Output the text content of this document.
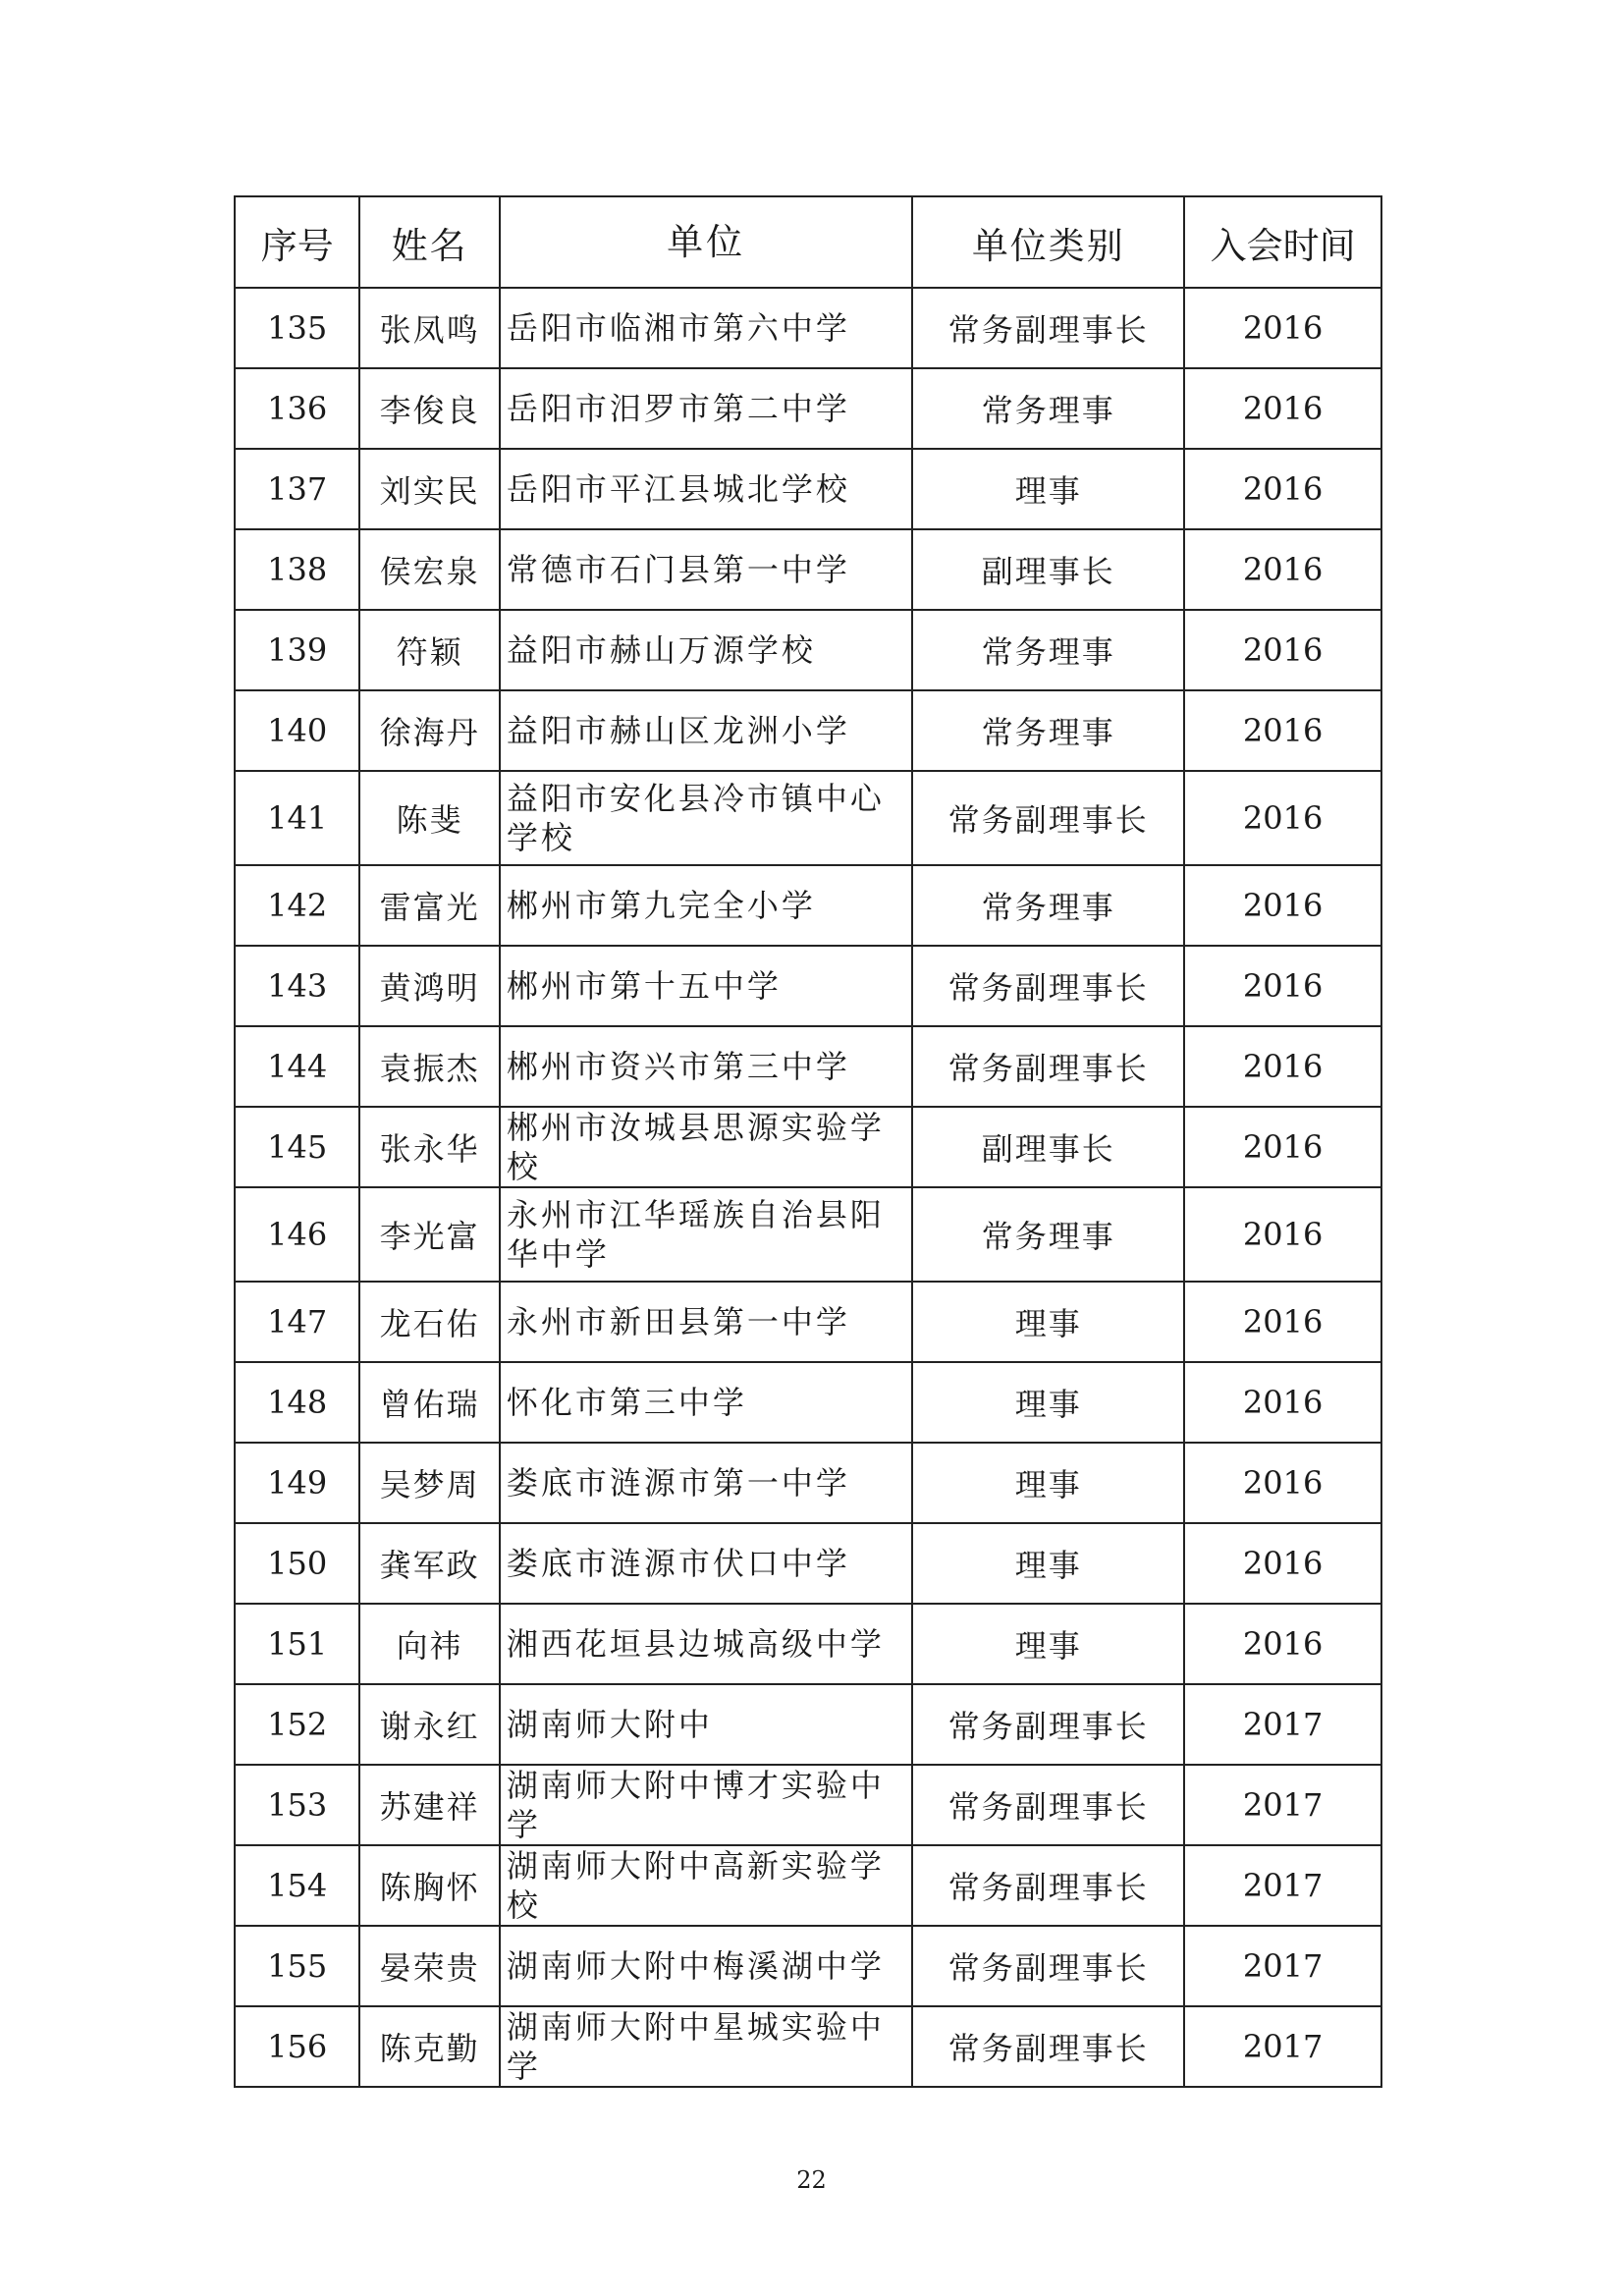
序号	姓名	单位	单位类别	入会时间
135	张凤鸣	岳阳市临湘市第六中学	常务副理事长	2016
136	李俊良	岳阳市汨罗市第二中学	常务理事	2016
137	刘实民	岳阳市平江县城北学校	理事	2016
138	侯宏泉	常德市石门县第一中学	副理事长	2016
139	符颖	益阳市赫山万源学校	常务理事	2016
140	徐海丹	益阳市赫山区龙洲小学	常务理事	2016
141	陈斐	益阳市安化县冷市镇中心学校	常务副理事长	2016
142	雷富光	郴州市第九完全小学	常务理事	2016
143	黄鸿明	郴州市第十五中学	常务副理事长	2016
144	袁振杰	郴州市资兴市第三中学	常务副理事长	2016
145	张永华	郴州市汝城县思源实验学校	副理事长	2016
146	李光富	永州市江华瑶族自治县阳华中学	常务理事	2016
147	龙石佑	永州市新田县第一中学	理事	2016
148	曾佑瑞	怀化市第三中学	理事	2016
149	吴梦周	娄底市涟源市第一中学	理事	2016
150	龚军政	娄底市涟源市伏口中学	理事	2016
151	向祎	湘西花垣县边城高级中学	理事	2016
152	谢永红	湖南师大附中	常务副理事长	2017
153	苏建祥	湖南师大附中博才实验中学	常务副理事长	2017
154	陈胸怀	湖南师大附中高新实验学校	常务副理事长	2017
155	晏荣贵	湖南师大附中梅溪湖中学	常务副理事长	2017
156	陈克勤	湖南师大附中星城实验中学	常务副理事长	2017
22
